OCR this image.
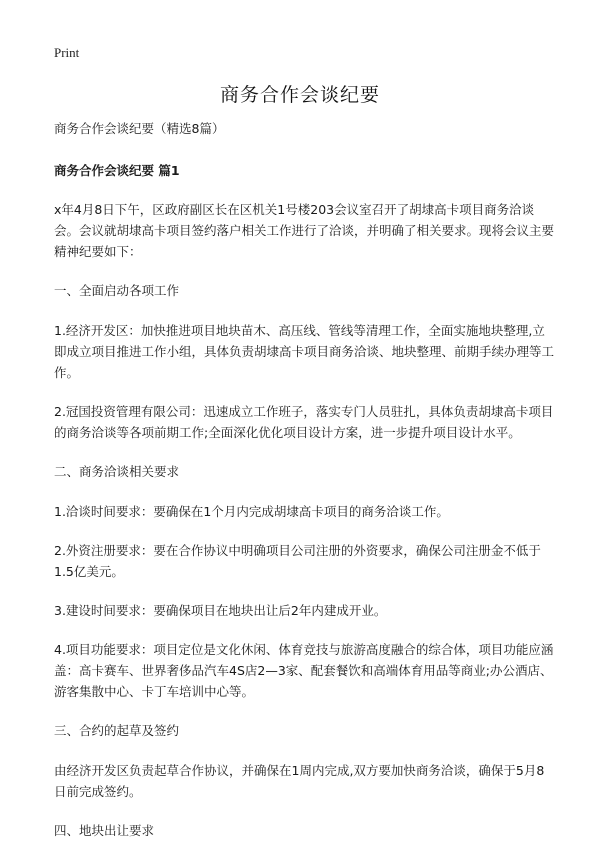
Print
商务合作会谈纪要

商务合作会谈纪要（精选8篇）

商务合作会谈纪要 篇1

x年4月8日下午，区政府副区长在区机关1号楼203会议室召开了胡埭高卡项目商务洽谈会。会议就胡埭高卡项目签约落户相关工作进行了洽谈，并明确了相关要求。现将会议主要精神纪要如下：

一、全面启动各项工作

1.经济开发区：加快推进项目地块苗木、高压线、管线等清理工作，全面实施地块整理,立即成立项目推进工作小组，具体负责胡埭高卡项目商务洽谈、地块整理、前期手续办理等工作。

2.冠国投资管理有限公司：迅速成立工作班子，落实专门人员驻扎，具体负责胡埭高卡项目的商务洽谈等各项前期工作;全面深化优化项目设计方案，进一步提升项目设计水平。

二、商务洽谈相关要求

1.洽谈时间要求：要确保在1个月内完成胡埭高卡项目的商务洽谈工作。

2.外资注册要求：要在合作协议中明确项目公司注册的外资要求，确保公司注册金不低于1.5亿美元。

3.建设时间要求：要确保项目在地块出让后2年内建成开业。

4.项目功能要求：项目定位是文化休闲、体育竞技与旅游高度融合的综合体，项目功能应涵盖：高卡赛车、世界奢侈品汽车4S店2—3家、配套餐饮和高端体育用品等商业;办公酒店、游客集散中心、卡丁车培训中心等。

三、合约的起草及签约

由经济开发区负责起草合作协议，并确保在1周内完成,双方要加快商务洽谈，确保于5月8日前完成签约。

四、地块出让要求
